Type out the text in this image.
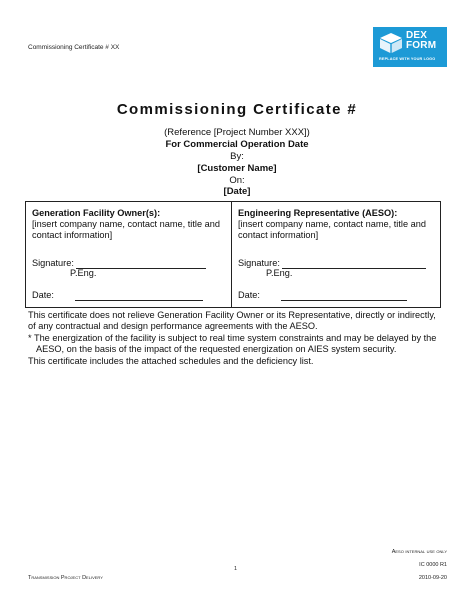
Commissioning Certificate # XX
DEX
FORM
REPLACE WITH YOUR LOGO
Commissioning Certificate #
(Reference [Project Number XXX])
For Commercial Operation Date
By:
[Customer Name]
On:
[Date]
Generation Facility Owner(s):
[insert company name, contact name, title and contact information]
Signature:
P.Eng.
Date:
Engineering Representative (AESO):
[insert company name, contact name, title and contact information]
Signature:
P.Eng.
Date:
This certificate does not relieve Generation Facility Owner or its Representative, directly or indirectly, of any contractual and design performance agreements with the AESO.
* The energization of the facility is subject to real time system constraints and may be delayed by the
AESO, on the basis of the impact of the requested energization on AIES system security.
This certificate includes the attached schedules and the deficiency list.
Aeso internal use only
1
IC 0000 R1
Transmission Project Delivery	2010-09-20
